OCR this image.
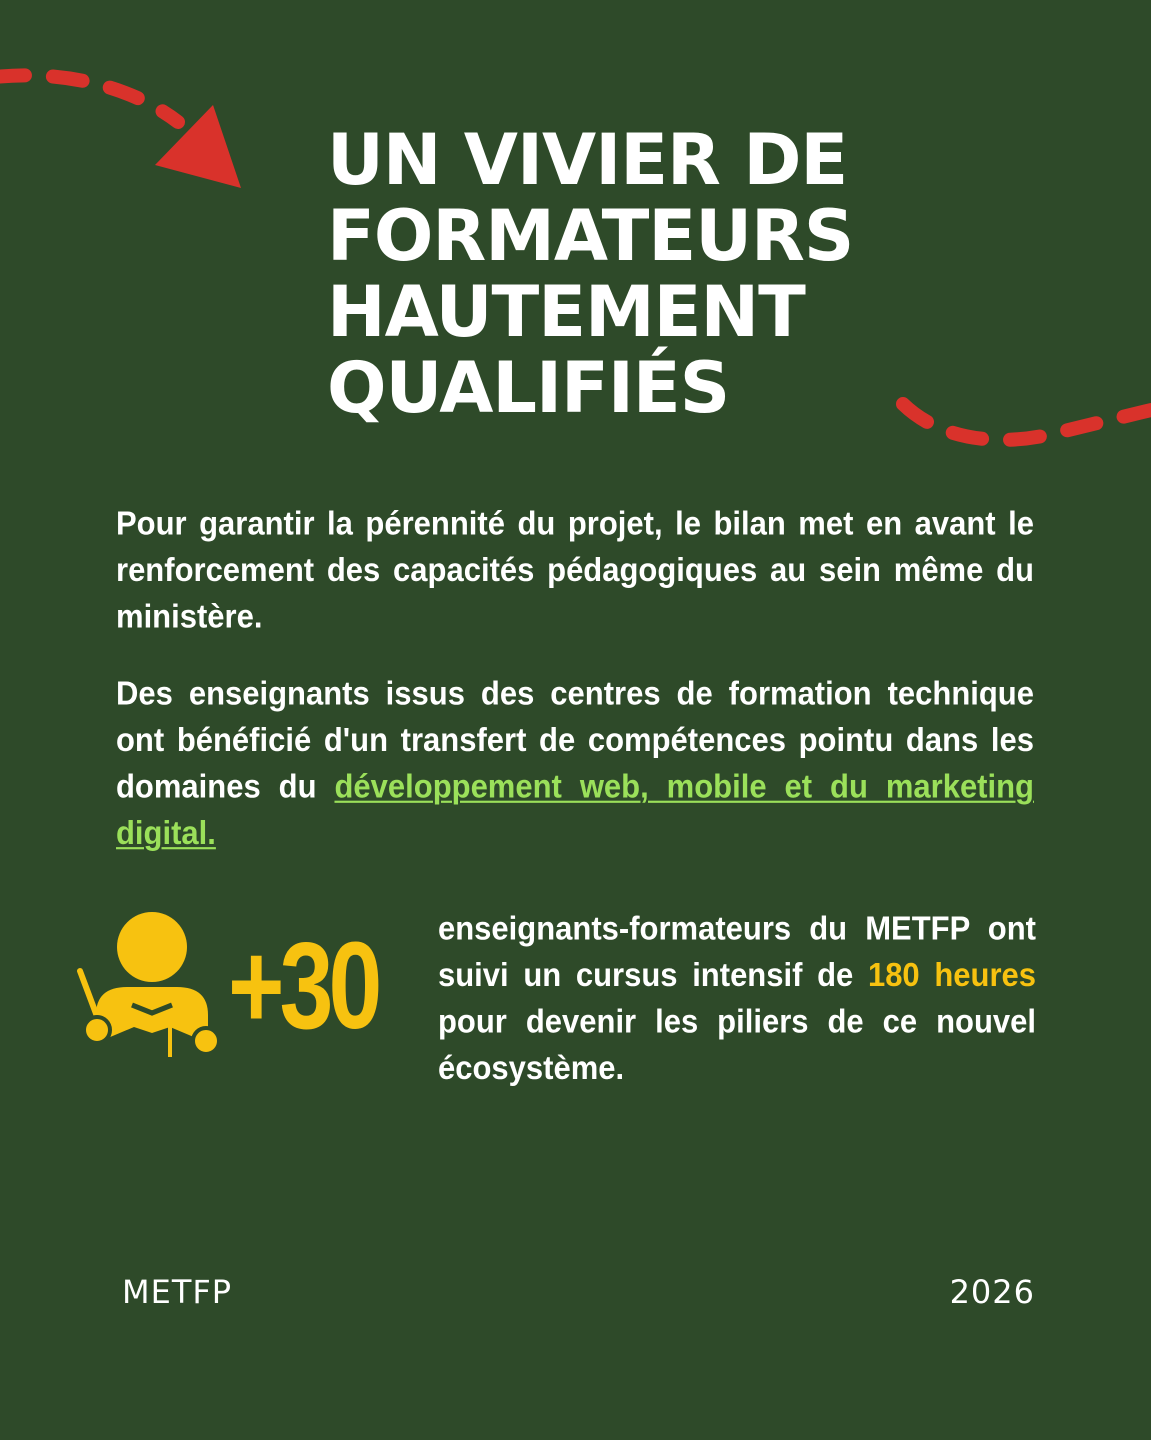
UN VIVIER DE
FORMATEURS
HAUTEMENT
QUALIFIÉS

Pour garantir la pérennité du projet, le bilan met en avant le renforcement des capacités pédagogiques au sein même du ministère.

Des enseignants issus des centres de formation technique ont bénéficié d'un transfert de compétences pointu dans les domaines du développement web, mobile et du marketing digital.

+30 enseignants-formateurs du METFP ont suivi un cursus intensif de 180 heures pour devenir les piliers de ce nouvel écosystème.

METFP	2026
